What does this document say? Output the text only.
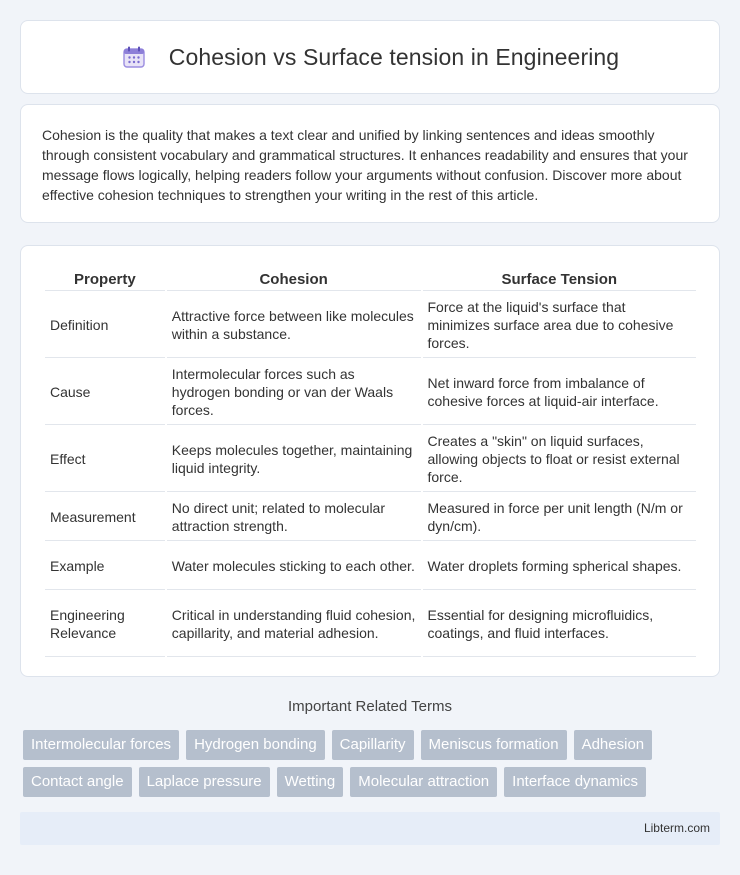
Cohesion vs Surface tension in Engineering

Cohesion is the quality that makes a text clear and unified by linking sentences and ideas smoothly through consistent vocabulary and grammatical structures. It enhances readability and ensures that your message flows logically, helping readers follow your arguments without confusion. Discover more about effective cohesion techniques to strengthen your writing in the rest of this article.

Property	Cohesion	Surface Tension
Definition	Attractive force between like molecules within a substance.	Force at the liquid's surface that minimizes surface area due to cohesive forces.
Cause	Intermolecular forces such as hydrogen bonding or van der Waals forces.	Net inward force from imbalance of cohesive forces at liquid-air interface.
Effect	Keeps molecules together, maintaining liquid integrity.	Creates a "skin" on liquid surfaces, allowing objects to float or resist external force.
Measurement	No direct unit; related to molecular attraction strength.	Measured in force per unit length (N/m or dyn/cm).
Example	Water molecules sticking to each other.	Water droplets forming spherical shapes.
Engineering Relevance	Critical in understanding fluid cohesion, capillarity, and material adhesion.	Essential for designing microfluidics, coatings, and fluid interfaces.
Important Related Terms
Intermolecular forces	Hydrogen bonding	Capillarity	Meniscus formation	Adhesion
Contact angle	Laplace pressure	Wetting	Molecular attraction	Interface dynamics
Libterm.com
